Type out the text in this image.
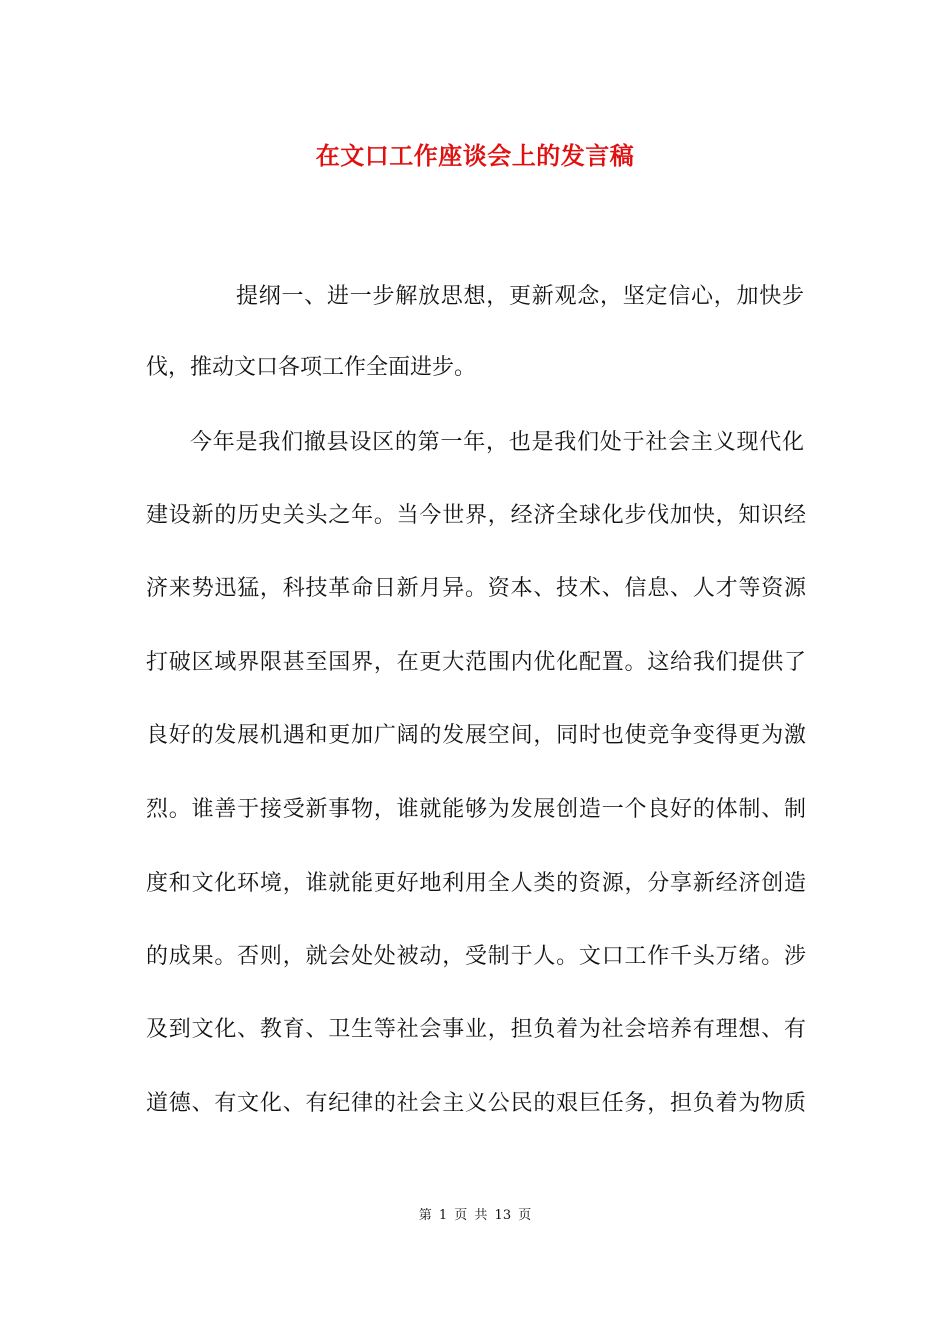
在文口工作座谈会上的发言稿
提纲一、进一步解放思想，更新观念，坚定信心，加快步
伐，推动文口各项工作全面进步。
今年是我们撤县设区的第一年，也是我们处于社会主义现代化
建设新的历史关头之年。当今世界，经济全球化步伐加快，知识经
济来势迅猛，科技革命日新月异。资本、技术、信息、人才等资源
打破区域界限甚至国界，在更大范围内优化配置。这给我们提供了
良好的发展机遇和更加广阔的发展空间，同时也使竞争变得更为激
烈。谁善于接受新事物，谁就能够为发展创造一个良好的体制、制
度和文化环境，谁就能更好地利用全人类的资源，分享新经济创造
的成果。否则，就会处处被动，受制于人。文口工作千头万绪。涉
及到文化、教育、卫生等社会事业，担负着为社会培养有理想、有
道德、有文化、有纪律的社会主义公民的艰巨任务，担负着为物质
第 1 页 共 13 页
